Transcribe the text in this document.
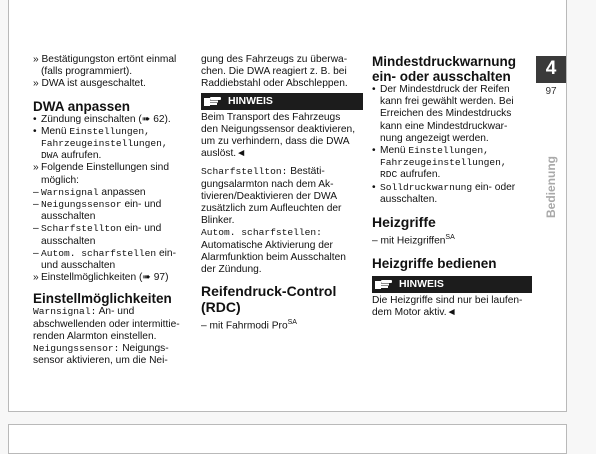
» Bestätigungston ertönt einmal

(falls programmiert).

» DWA ist ausgeschaltet.

DWA anpassen
• Zündung einschalten (➠ 62).
• Menü Einstellungen,
Fahrzeugeinstellungen,
DWA aufrufen.
» Folgende Einstellungen sind
möglich:
– Warnsignal anpassen
– Neigungssensor ein- und
ausschalten
– Scharfstellton ein- und
ausschalten
– Autom. scharfstellen ein-
und ausschalten
» Einstellmöglichkeiten (➠ 97)
Einstellmöglichkeiten
Warnsignal: An- und
abschwellenden oder intermittie-
renden Alarmton einstellen.
Neigungssensor: Neigungs-
sensor aktivieren, um die Nei-

gung des Fahrzeugs zu überwa-

chen. Die DWA reagiert z. B. bei

Raddiebstahl oder Abschleppen.

HINWEIS

Beim Transport des Fahrzeugs

den Neigungssensor deaktivieren,

um zu verhindern, dass die DWA

auslöst.◄

Scharfstellton: Bestäti-
gungsalarmton nach dem Ak-
tivieren/Deaktivieren der DWA
zusätzlich zum Aufleuchten der
Blinker.
Autom. scharfstellen:
Automatische Aktivierung der
Alarmfunktion beim Ausschalten
der Zündung.
Reifendruck-Control
(RDC)

– mit Fahrmodi Pro$^{SA}$

Mindestdruckwarnung
ein- oder ausschalten
• Der Mindestdruck der Reifen
kann frei gewählt werden. Bei
Erreichen des Mindestdrucks
kann eine Mindestdruckwar-
nung angezeigt werden.
• Menü Einstellungen,
Fahrzeugeinstellungen,
RDC aufrufen.
• Solldruckwarnung ein- oder
ausschalten.
Heizgriffe

– mit Heizgriffen$^{SA}$

Heizgriffe bedienen
HINWEIS

Die Heizgriffe sind nur bei laufen-

dem Motor aktiv.◄

4
97
Bedienung
